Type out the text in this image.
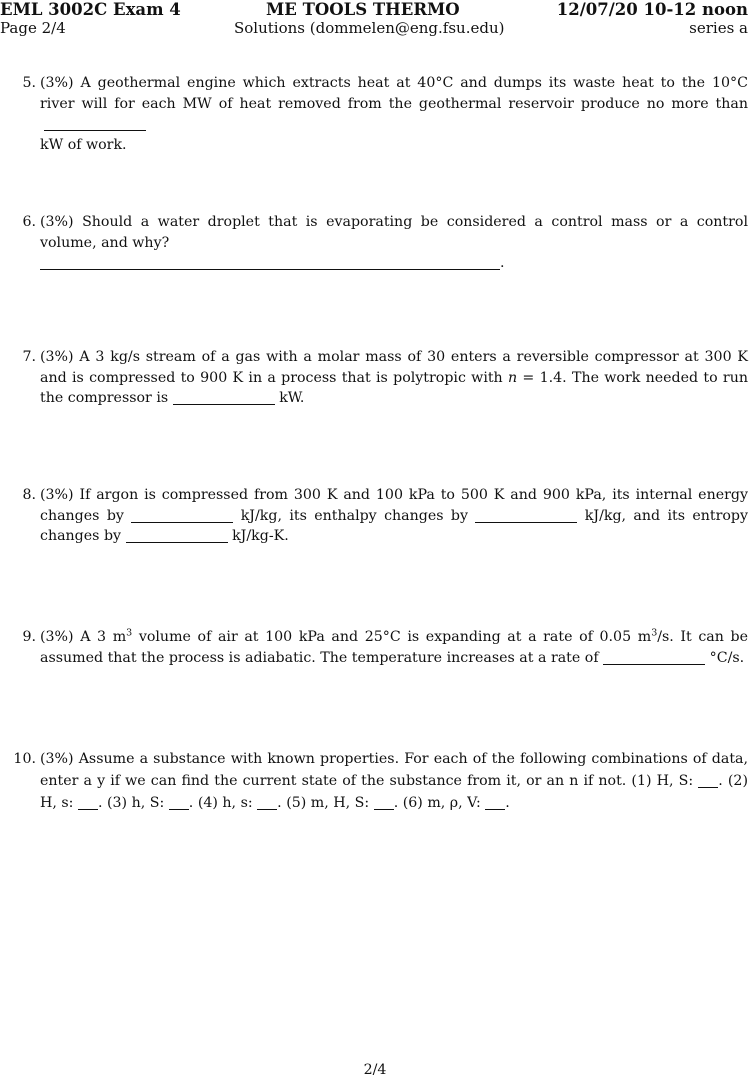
EML 3002C Exam 4	ME TOOLS THERMO	12/07/20 10-12 noon
Page 2/4	Solutions (dommelen@eng.fsu.edu)	series a
5. (3%) A geothermal engine which extracts heat at 40°C and dumps its waste heat to the 10°C river will for each MW of heat removed from the geothermal reservoir produce no more than
kW of work.
6. (3%) Should a water droplet that is evaporating be considered a control mass or a control volume, and why?
.
7. (3%) A 3 kg/s stream of a gas with a molar mass of 30 enters a reversible compressor at 300 K and is compressed to 900 K in a process that is polytropic with n = 1.4. The work needed to run the compressor is	kW.
8. (3%) If argon is compressed from 300 K and 100 kPa to 500 K and 900 kPa, its internal energy changes by	kJ/kg, its enthalpy changes by	kJ/kg, and its entropy changes by	kJ/kg-K.
9. (3%) A 3 $m^3$ volume of air at 100 kPa and 25°C is expanding at a rate of 0.05 $m^3/s$. It can be assumed that the process is adiabatic. The temperature increases at a rate of	°C/s.
10. (3%) Assume a substance with known properties. For each of the following combinations of data, enter a y if we can find the current state of the substance from it, or an n if not. (1) H, S: . (2) H, s: . (3) h, S: . (4) h, s: . (5) m, H, S: . (6) m, ρ, V: .
2/4
